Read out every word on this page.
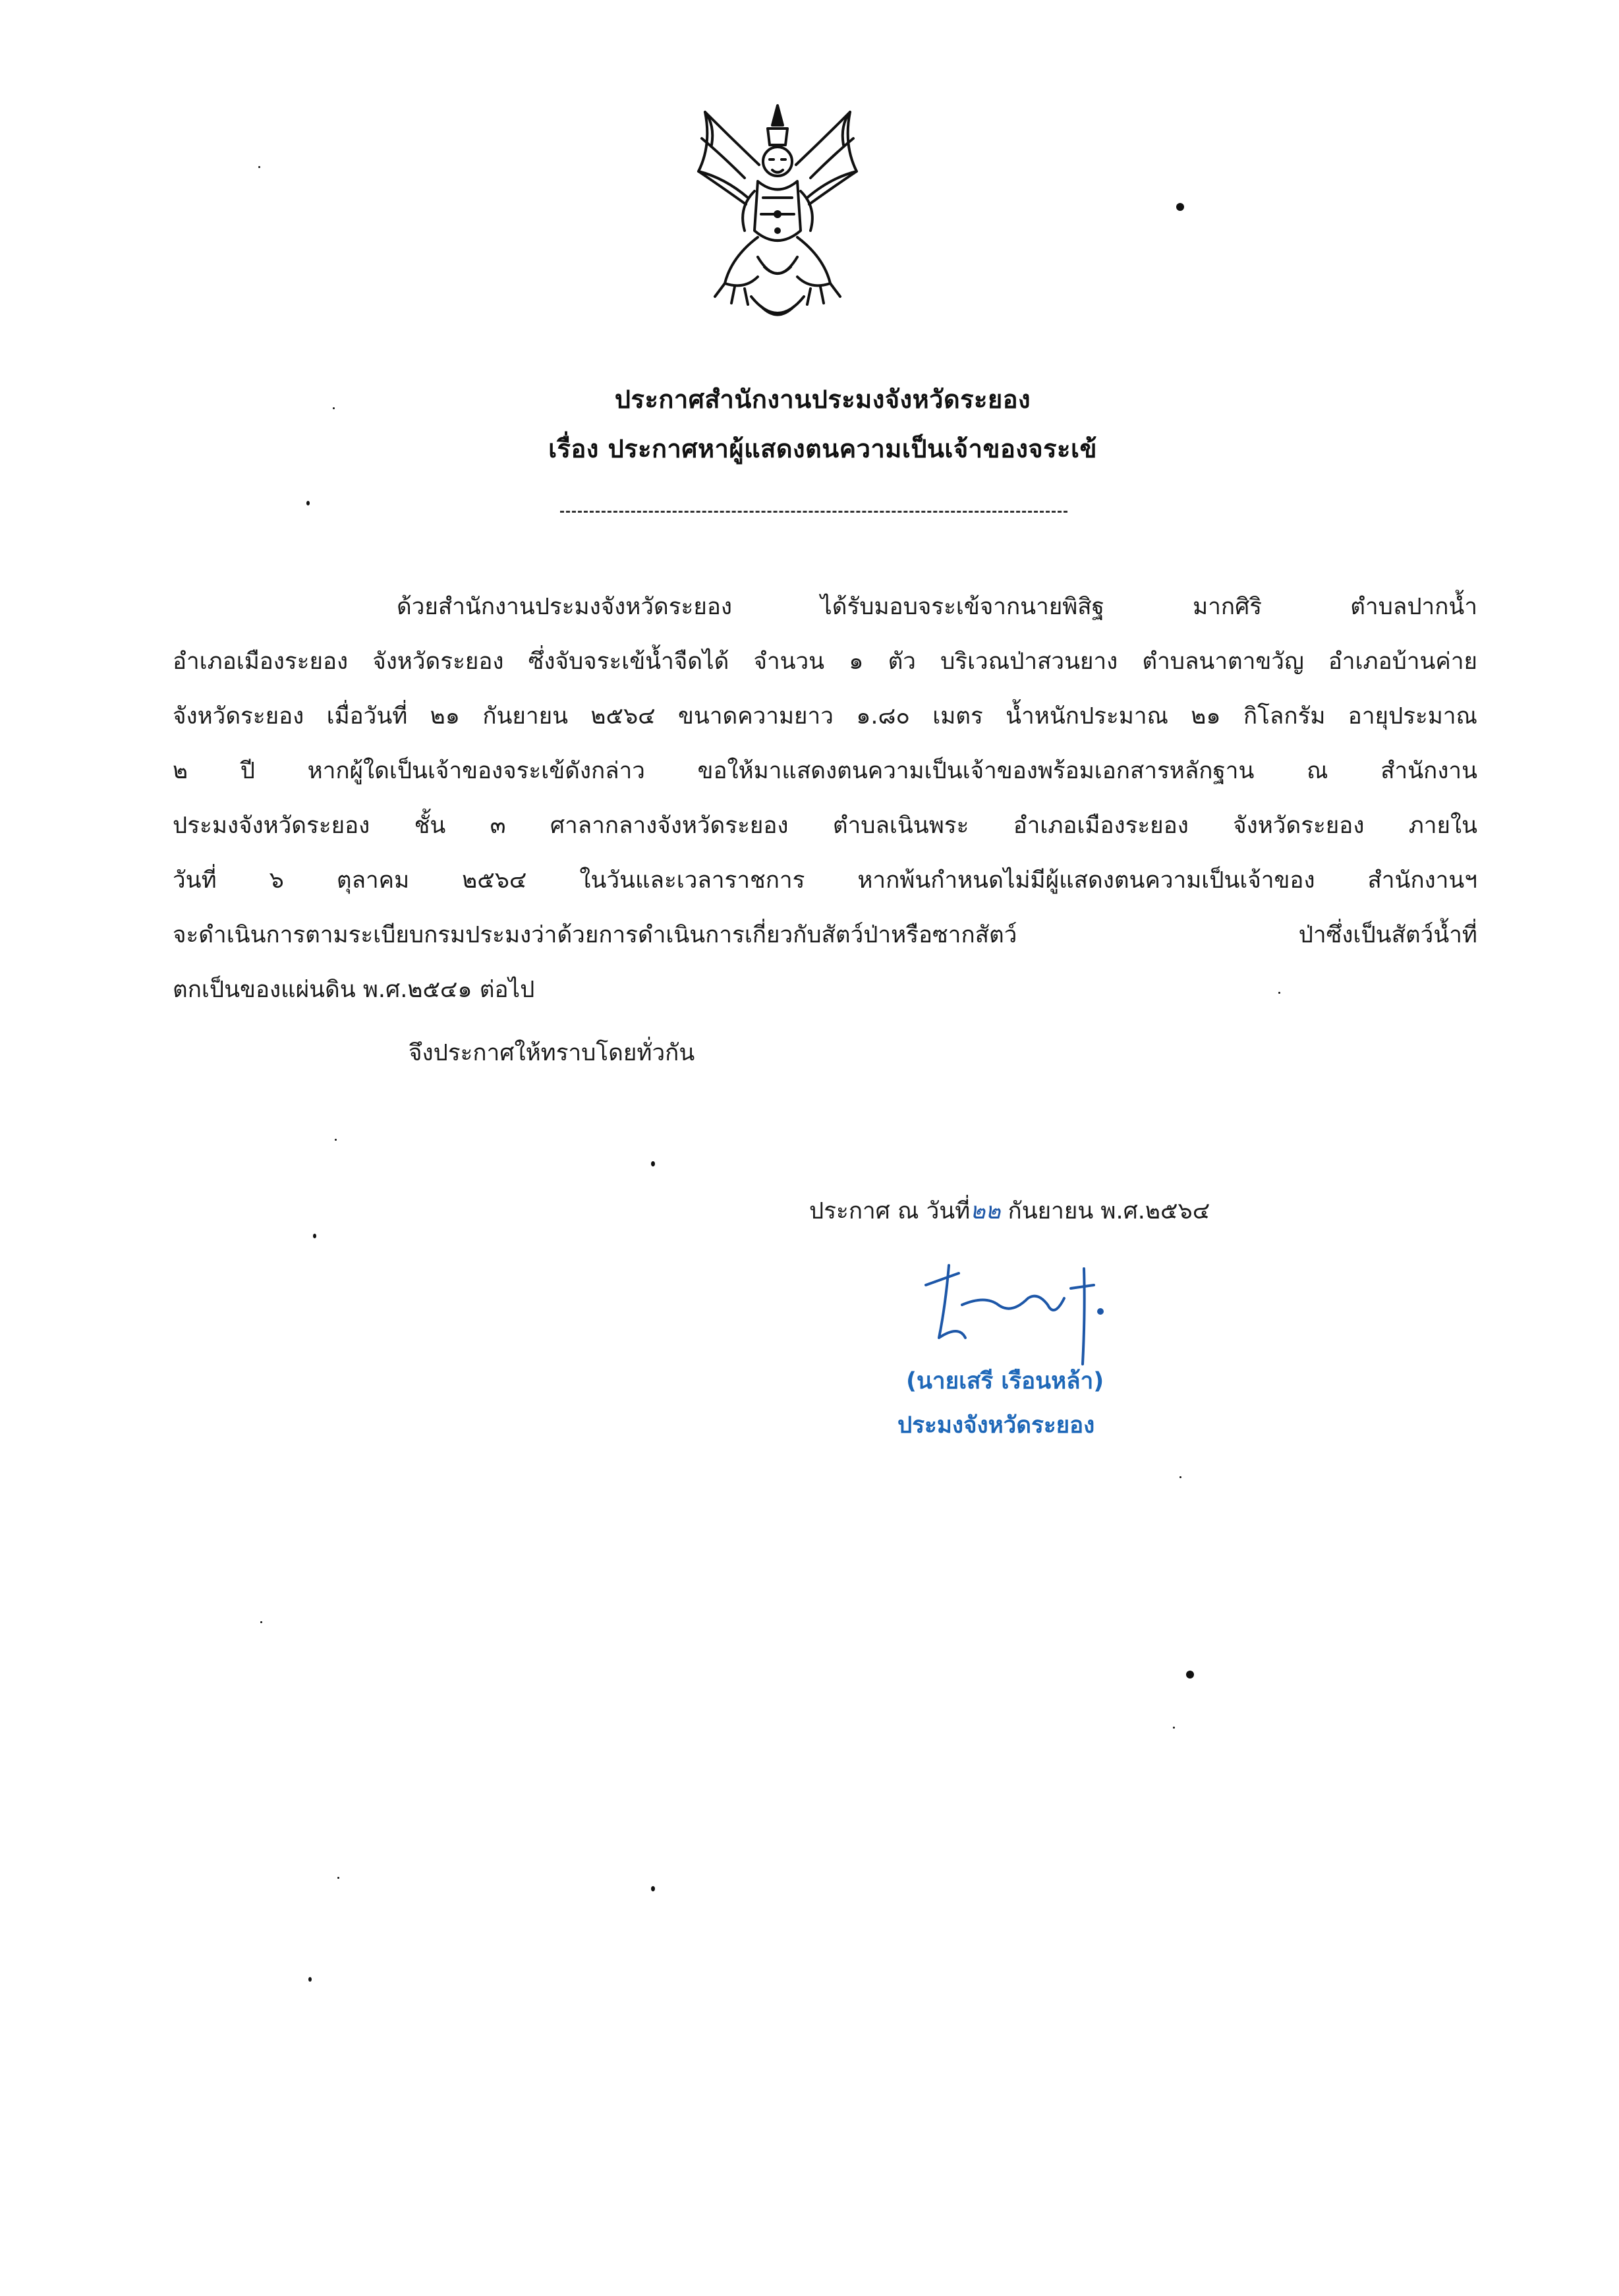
ประกาศสำนักงานประมงจังหวัดระยอง
เรื่อง ประกาศหาผู้แสดงตนความเป็นเจ้าของจระเข้
ด้วยสำนักงานประมงจังหวัดระยอง ได้รับมอบจระเข้จากนายพิสิฐ มากศิริ ตำบลปากน้ำ
อำเภอเมืองระยอง จังหวัดระยอง ซึ่งจับจระเข้น้ำจืดได้ จำนวน ๑ ตัว บริเวณป่าสวนยาง ตำบลนาตาขวัญ อำเภอบ้านค่าย
จังหวัดระยอง เมื่อวันที่ ๒๑ กันยายน ๒๕๖๔ ขนาดความยาว ๑.๘๐ เมตร น้ำหนักประมาณ ๒๑ กิโลกรัม อายุประมาณ
๒ ปี หากผู้ใดเป็นเจ้าของจระเข้ดังกล่าว ขอให้มาแสดงตนความเป็นเจ้าของพร้อมเอกสารหลักฐาน ณ สำนักงาน
ประมงจังหวัดระยอง ชั้น ๓ ศาลากลางจังหวัดระยอง ตำบลเนินพระ อำเภอเมืองระยอง จังหวัดระยอง ภายใน
วันที่ ๖ ตุลาคม ๒๕๖๔ ในวันและเวลาราชการ หากพ้นกำหนดไม่มีผู้แสดงตนความเป็นเจ้าของ สำนักงานฯ
จะดำเนินการตามระเบียบกรมประมงว่าด้วยการดำเนินการเกี่ยวกับสัตว์ป่าหรือซากสัตว์ ป่าซึ่งเป็นสัตว์น้ำที่
ตกเป็นของแผ่นดิน พ.ศ.๒๕๔๑ ต่อไป
จึงประกาศให้ทราบโดยทั่วกัน
ประกาศ ณ วันที่๒๒ กันยายน พ.ศ.๒๕๖๔
(นายเสรี เรือนหล้า)
ประมงจังหวัดระยอง
